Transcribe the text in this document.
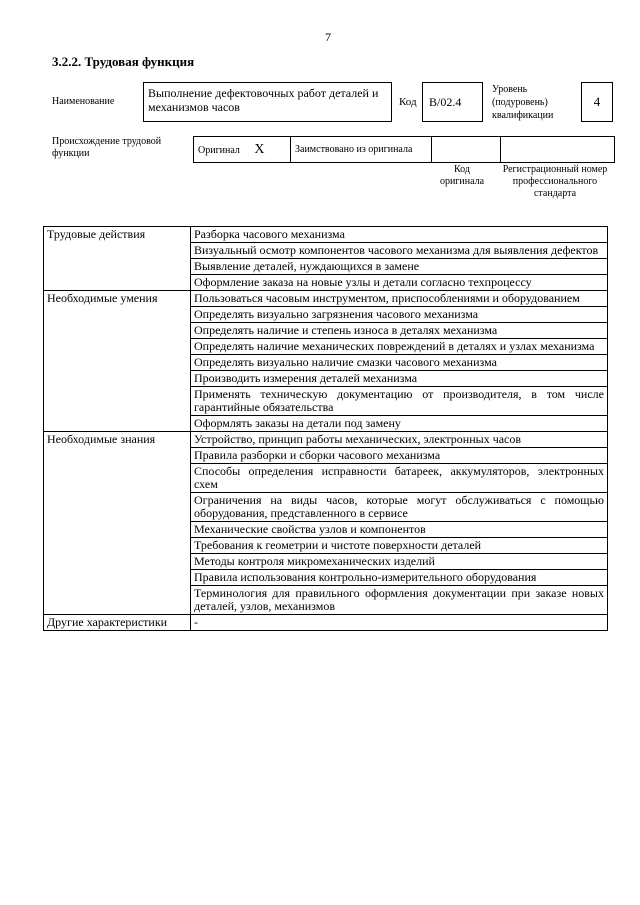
7
3.2.2. Трудовая функция
Наименование
Выполнение дефектовочных работ деталей и механизмов часов	Код	B/02.4
Уровень (подуровень) квалификации
4
Происхождение трудовой функции	Оригинал X	Заимствовано из оригинала		
Код оригинала
Регистрационный номер профессионального стандарта
Трудовые действия	Разборка часового механизма
	Визуальный осмотр компонентов часового механизма для выявления дефектов
	Выявление деталей, нуждающихся в замене
	Оформление заказа на новые узлы и детали согласно техпроцессу
Необходимые умения	Пользоваться часовым инструментом, приспособлениями и оборудованием
	Определять визуально загрязнения часового механизма
	Определять наличие и степень износа в деталях механизма
	Определять наличие механических повреждений в деталях и узлах механизма
	Определять визуально наличие смазки часового механизма
	Производить измерения деталей механизма
	Применять техническую документацию от производителя, в том числе гарантийные обязательства
	Оформлять заказы на детали под замену
Необходимые знания	Устройство, принцип работы механических, электронных часов
	Правила разборки и сборки часового механизма
	Способы определения исправности батареек, аккумуляторов, электронных схем
	Ограничения на виды часов, которые могут обслуживаться с помощью оборудования, представленного в сервисе
	Механические свойства узлов и компонентов
	Требования к геометрии и чистоте поверхности деталей
	Методы контроля микромеханических изделий
	Правила использования контрольно-измерительного оборудования
	Терминология для правильного оформления документации при заказе новых деталей, узлов, механизмов
Другие характеристики	-
